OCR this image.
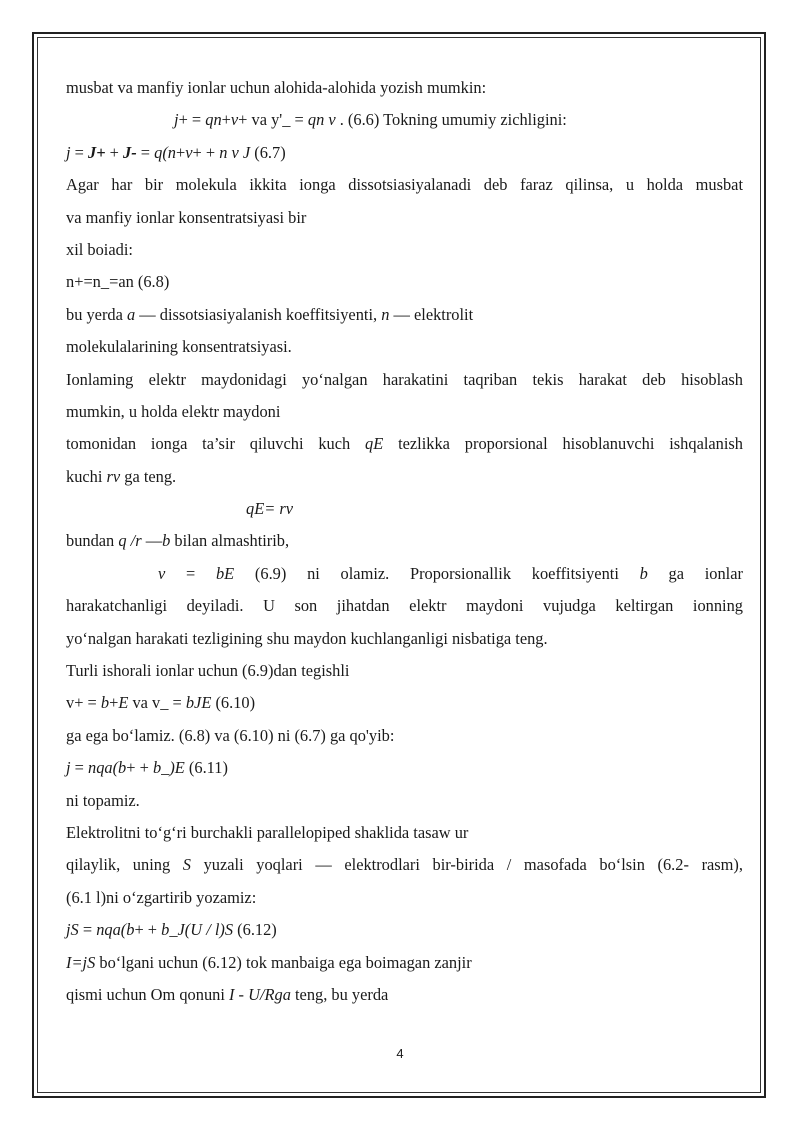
musbat va manfiy ionlar uchun alohida-alohida yozish mumkin:
j+ = qn+v+ va y'_ = qn v . (6.6) Tokning umumiy zichligini:
j = J+ + J- = q(n+v+ + n v J (6.7)
Agar har bir molekula ikkita ionga dissotsiasiyalanadi deb faraz qilinsa, u holda musbat
va manfiy ionlar konsentratsiyasi bir
xil boiadi:
n+=n_=an (6.8)
bu yerda a — dissotsiasiyalanish koeffitsiyenti, n — elektrolit
molekulalarining konsentratsiyasi.
Ionlaming elektr maydonidagi yo‘nalgan harakatini taqriban tekis harakat deb hisoblash
mumkin, u holda elektr maydoni
tomonidan ionga ta’sir qiluvchi kuch qE tezlikka proporsional hisoblanuvchi ishqalanish
kuchi rv ga teng.
qE= rv
bundan q /r —b bilan almashtirib,
v = bE (6.9) ni olamiz. Proporsionallik koeffitsiyenti b ga ionlar
harakatchanligi deyiladi. U son jihatdan elektr maydoni vujudga keltirgan ionning
yo‘nalgan harakati tezligining shu maydon kuchlanganligi nisbatiga teng.
Turli ishorali ionlar uchun (6.9)dan tegishli
v+ = b+E va v_ = bJE (6.10)
ga ega bo‘lamiz. (6.8) va (6.10) ni (6.7) ga qo'yib:
j = nqa(b+ + b_)E (6.11)
ni topamiz.
Elektrolitni to‘g‘ri burchakli parallelopiped shaklida tasaw ur
qilaylik, uning S yuzali yoqlari — elektrodlari bir-birida / masofada bo‘lsin (6.2- rasm),
(6.1 l)ni o‘zgartirib yozamiz:
jS = nqa(b+ + b_J(U / l)S (6.12)
I=jS bo‘lgani uchun (6.12) tok manbaiga ega boimagan zanjir
qismi uchun Om qonuni I - U/Rga teng, bu yerda
4
